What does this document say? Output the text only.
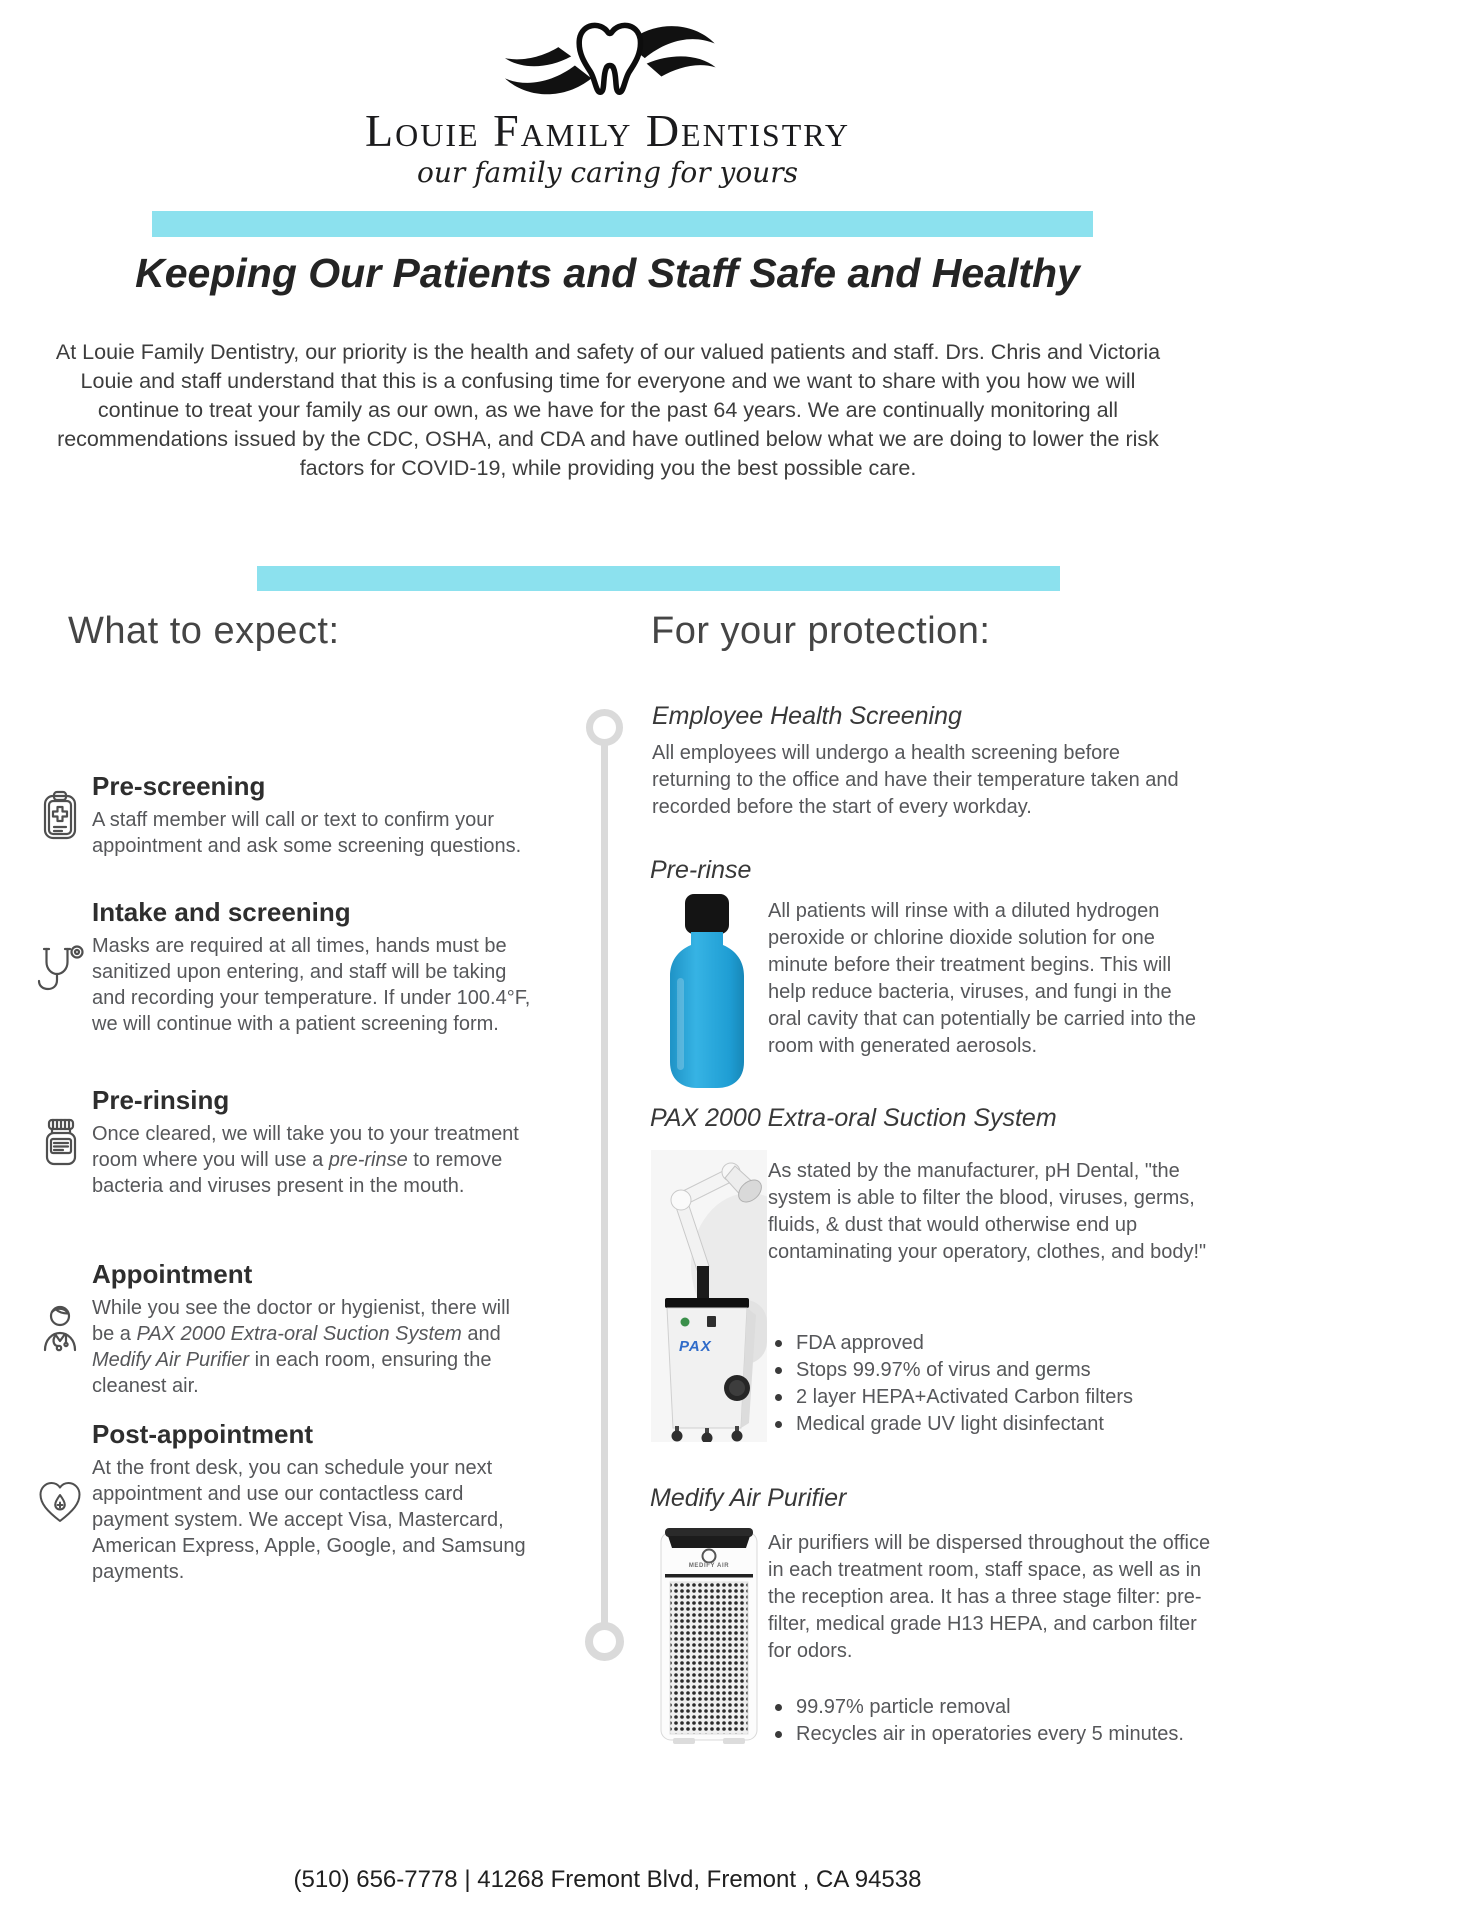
Louie Family Dentistry
our family caring for yours
Keeping Our Patients and Staff Safe and Healthy
At Louie Family Dentistry, our priority is the health and safety of our valued patients and staff. Drs. Chris and Victoria Louie and staff understand that this is a confusing time for everyone and we want to share with you how we will continue to treat your family as our own, as we have for the past 64 years. We are continually monitoring all recommendations issued by the CDC, OSHA, and CDA and have outlined below what we are doing to lower the risk factors for COVID-19, while providing you the best possible care.
What to expect:	For your protection:
Pre-screening

A staff member will call or text to confirm your appointment and ask some screening questions.

Intake and screening

Masks are required at all times, hands must be sanitized upon entering, and staff will be taking and recording your temperature. If under 100.4°F, we will continue with a patient screening form.

Pre-rinsing

Once cleared, we will take you to your treatment room where you will use a pre-rinse to remove bacteria and viruses present in the mouth.

Appointment

While you see the doctor or hygienist, there will be a PAX 2000 Extra-oral Suction System and Medify Air Purifier in each room, ensuring the cleanest air.

Post-appointment

At the front desk, you can schedule your next appointment and use our contactless card payment system. We accept Visa, Mastercard, American Express, Apple, Google, and Samsung payments.

Employee Health Screening
All employees will undergo a health screening before returning to the office and have their temperature taken and recorded before the start of every workday.
Pre-rinse
All patients will rinse with a diluted hydrogen peroxide or chlorine dioxide solution for one minute before their treatment begins. This will help reduce bacteria, viruses, and fungi in the oral cavity that can potentially be carried into the room with generated aerosols.
PAX 2000 Extra-oral Suction System
PAX
As stated by the manufacturer, pH Dental, "the system is able to filter the blood, viruses, germs, fluids, & dust that would otherwise end up contaminating your operatory, clothes, and body!"
FDA approved
Stops 99.97% of virus and germs
2 layer HEPA+Activated Carbon filters
Medical grade UV light disinfectant
Medify Air Purifier
MEDIFY AIR
Air purifiers will be dispersed throughout the office in each treatment room, staff space, as well as in the reception area. It has a three stage filter: pre-filter, medical grade H13 HEPA, and carbon filter for odors.
99.97% particle removal
Recycles air in operatories every 5 minutes.
(510) 656-7778 | 41268 Fremont Blvd, Fremont , CA 94538
